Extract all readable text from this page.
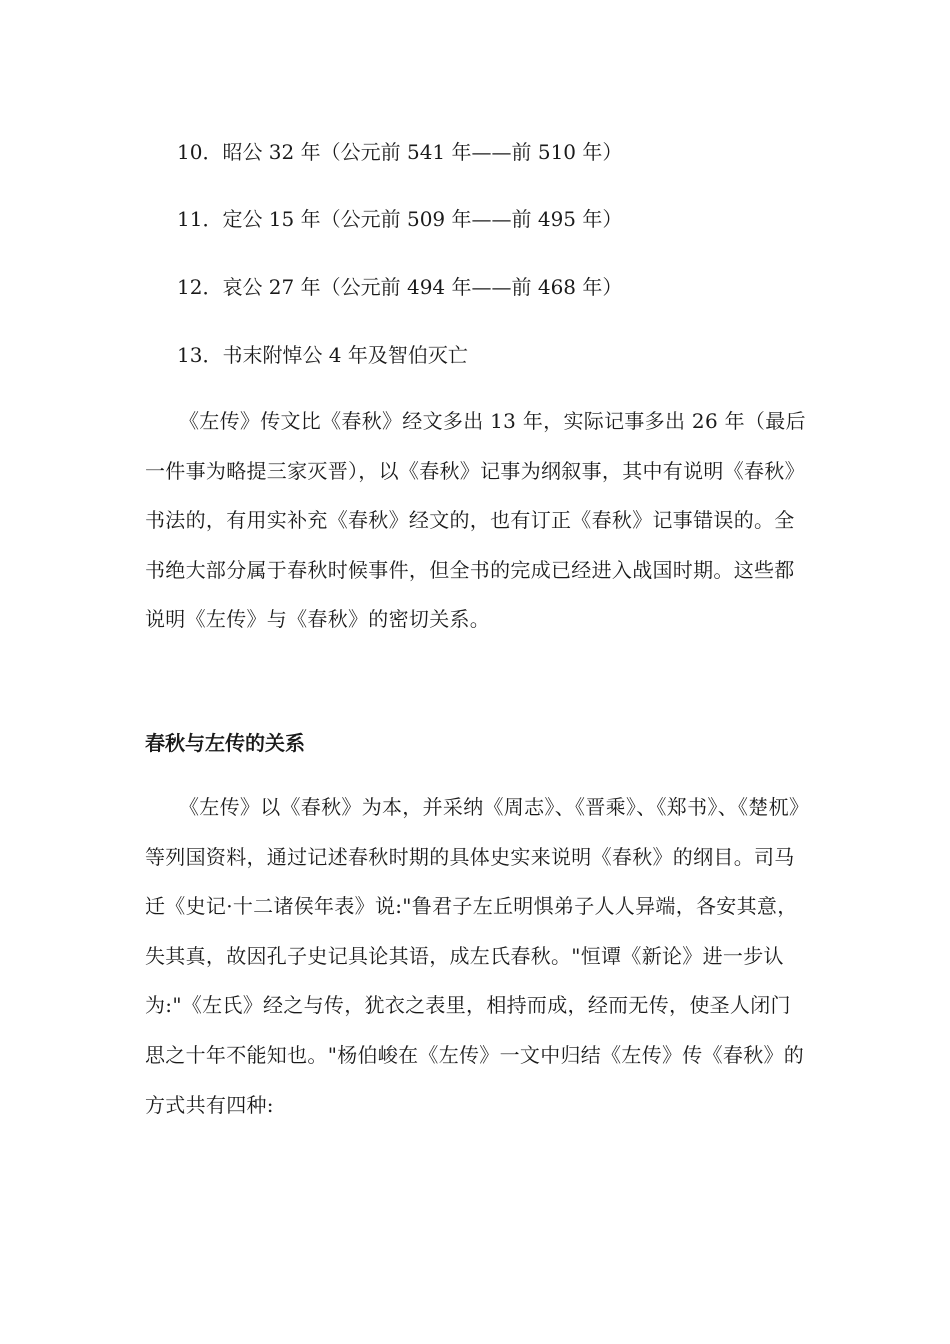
10．昭公 32 年（公元前 541 年——前 510 年）
11．定公 15 年（公元前 509 年——前 495 年）
12．哀公 27 年（公元前 494 年——前 468 年）
13．书末附悼公 4 年及智伯灭亡

《左传》传文比《春秋》经文多出 13 年，实际记事多出 26 年（最后一件事为略提三家灭晋），以《春秋》记事为纲叙事，其中有说明《春秋》书法的，有用实补充《春秋》经文的，也有订正《春秋》记事错误的。全书绝大部分属于春秋时候事件，但全书的完成已经进入战国时期。这些都说明《左传》与《春秋》的密切关系。

春秋与左传的关系

《左传》以《春秋》为本，并采纳《周志》、《晋乘》、《郑书》、《楚杌》等列国资料，通过记述春秋时期的具体史实来说明《春秋》的纲目。司马迁《史记·十二诸侯年表》说:"鲁君子左丘明惧弟子人人异端，各安其意，失其真，故因孔子史记具论其语，成左氏春秋。"恒谭《新论》进一步认为:"《左氏》经之与传，犹衣之表里，相持而成，经而无传，使圣人闭门思之十年不能知也。"杨伯峻在《左传》一文中归结《左传》传《春秋》的方式共有四种:
